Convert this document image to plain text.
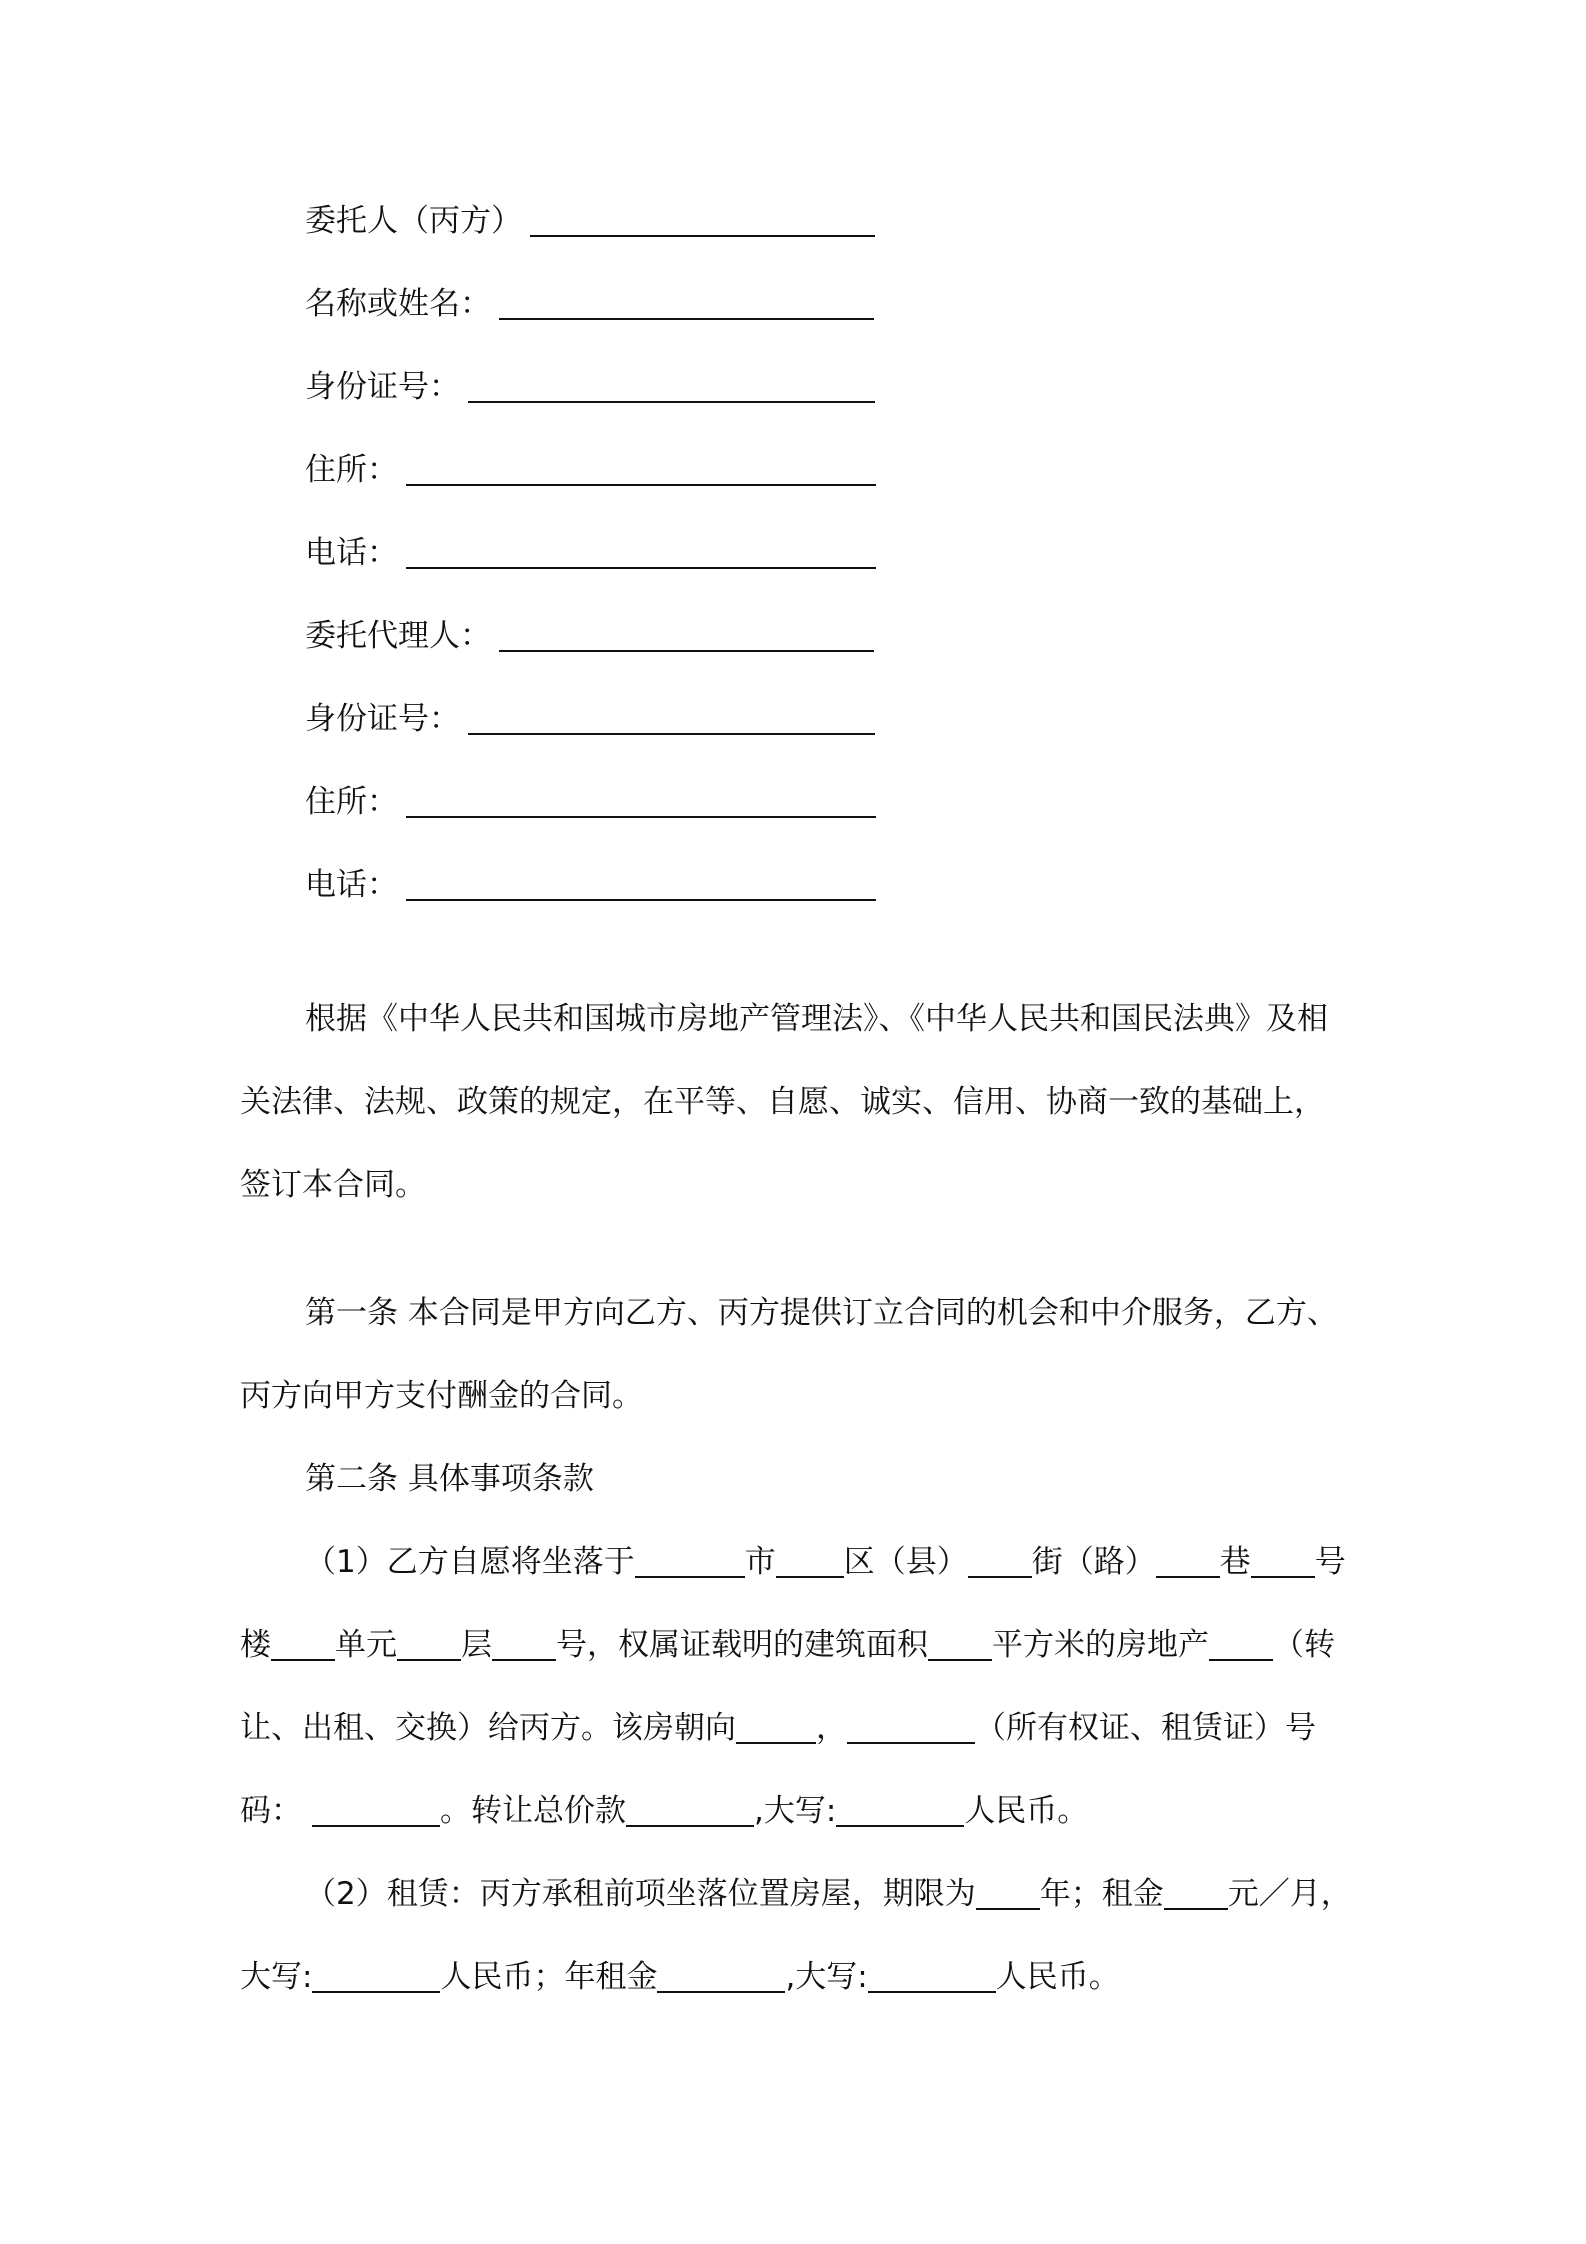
委托人（丙方）
名称或姓名：
身份证号：
住所：
电话：
委托代理人：
身份证号：
住所：
电话：
根据《中华人民共和国城市房地产管理法》、《中华人民共和国民法典》及相
关法律、法规、政策的规定，在平等、自愿、诚实、信用、协商一致的基础上，
签订本合同。
第一条 本合同是甲方向乙方、丙方提供订立合同的机会和中介服务，乙方、
丙方向甲方支付酬金的合同。
第二条 具体事项条款
（1）乙方自愿将坐落于	市 区（县） 街（路） 巷 号
楼 单元 层 号，权属证载明的建筑面积 平方米的房地产 （转
让、出租、交换）给丙方。该房朝向	，	（所有权证、租赁证）号
码：	。转让总价款	,大写:	人民币。
（2）租赁：丙方承租前项坐落位置房屋，期限为 年；租金 元／月，
大写:	人民币；年租金	,大写:	人民币。
